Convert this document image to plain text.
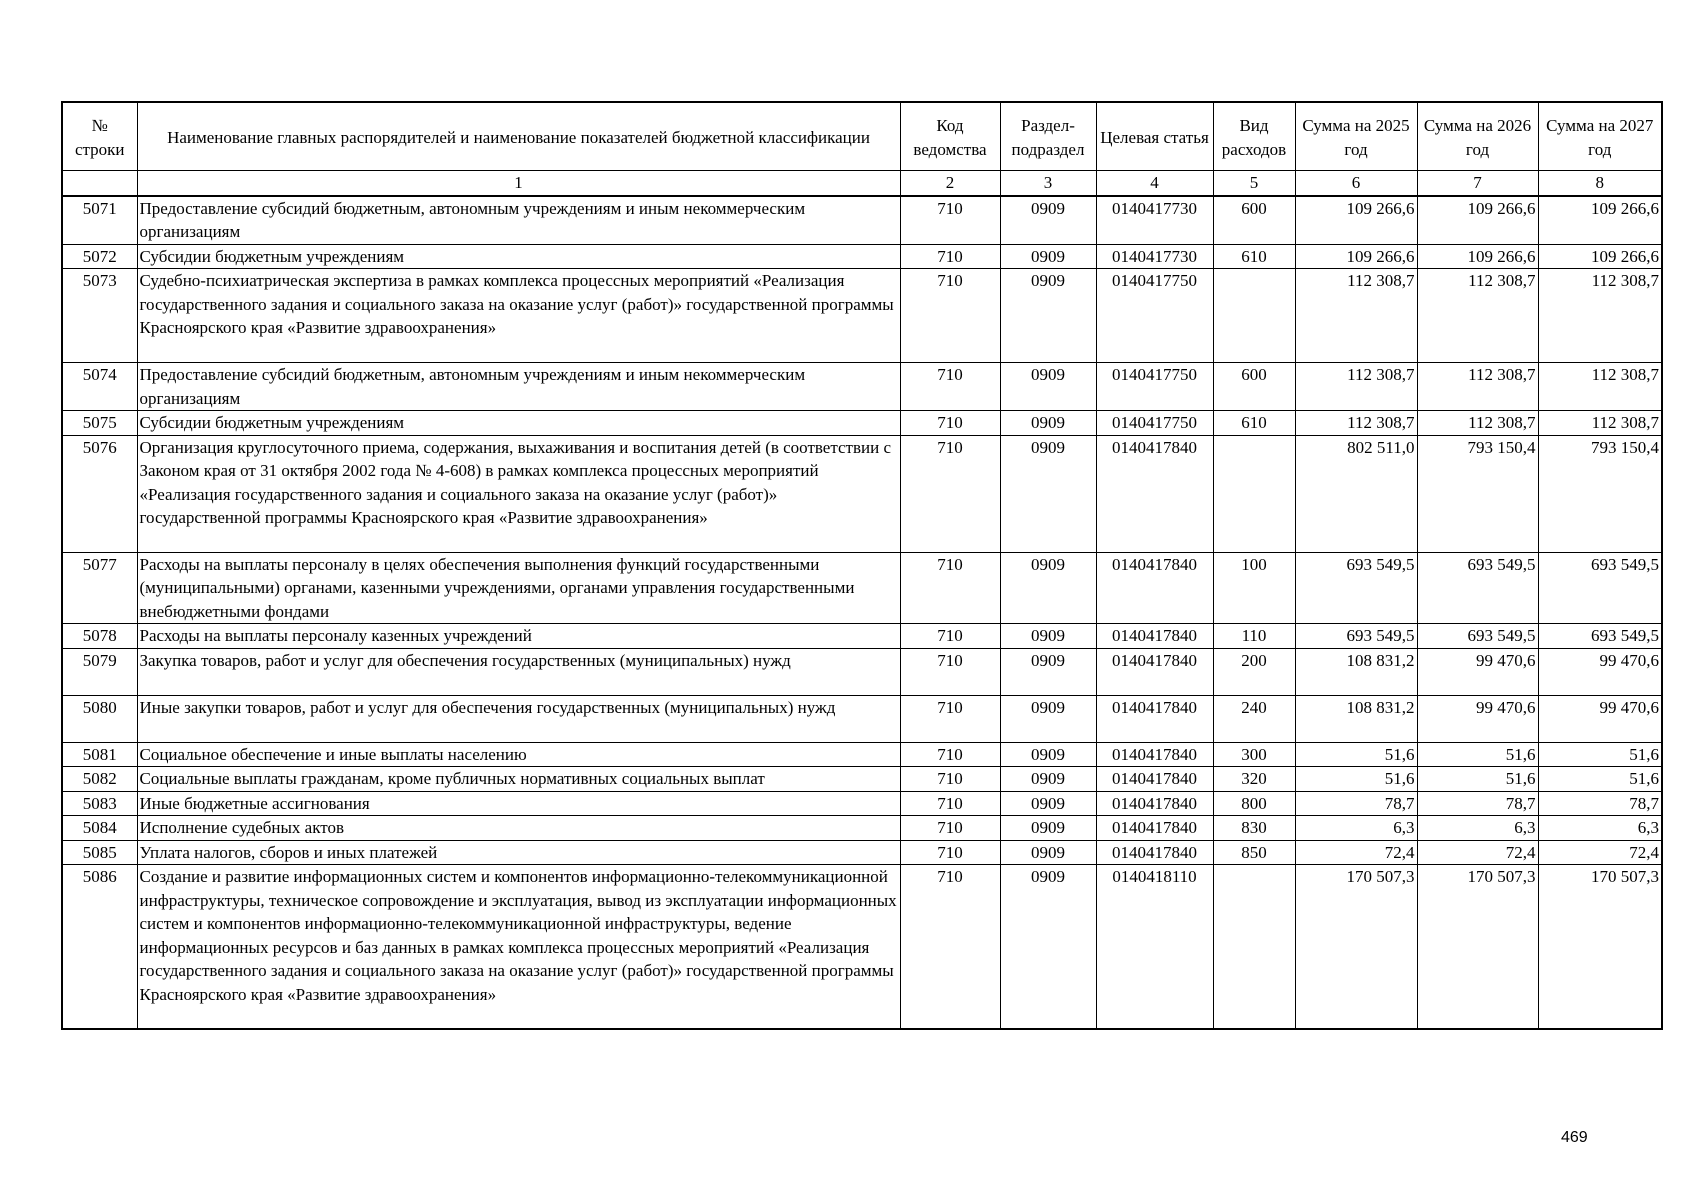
№ строки	Наименование главных распорядителей и наименование показателей бюджетной классификации	Код ведомства	Раздел-подраздел	Целевая статья	Вид расходов	Сумма на 2025 год	Сумма на 2026 год	Сумма на 2027 год
	1	2	3	4	5	6	7	8
5071	Предоставление субсидий бюджетным, автономным учреждениям и иным некоммерческим организациям	710	0909	0140417730	600	109 266,6	109 266,6	109 266,6
5072	Субсидии бюджетным учреждениям	710	0909	0140417730	610	109 266,6	109 266,6	109 266,6
5073	Судебно-психиатрическая экспертиза в рамках комплекса процессных мероприятий «Реализация государственного задания и социального заказа на оказание услуг (работ)» государственной программы Красноярского края «Развитие здравоохранения»	710	0909	0140417750		112 308,7	112 308,7	112 308,7
5074	Предоставление субсидий бюджетным, автономным учреждениям и иным некоммерческим организациям	710	0909	0140417750	600	112 308,7	112 308,7	112 308,7
5075	Субсидии бюджетным учреждениям	710	0909	0140417750	610	112 308,7	112 308,7	112 308,7
5076	Организация круглосуточного приема, содержания, выхаживания и воспитания детей (в соответствии с Законом края от 31 октября 2002 года № 4-608) в рамках комплекса процессных мероприятий «Реализация государственного задания и социального заказа на оказание услуг (работ)» государственной программы Красноярского края «Развитие здравоохранения»	710	0909	0140417840		802 511,0	793 150,4	793 150,4
5077	Расходы на выплаты персоналу в целях обеспечения выполнения функций государственными (муниципальными) органами, казенными учреждениями, органами управления государственными внебюджетными фондами	710	0909	0140417840	100	693 549,5	693 549,5	693 549,5
5078	Расходы на выплаты персоналу казенных учреждений	710	0909	0140417840	110	693 549,5	693 549,5	693 549,5
5079	Закупка товаров, работ и услуг для обеспечения государственных (муниципальных) нужд	710	0909	0140417840	200	108 831,2	99 470,6	99 470,6
5080	Иные закупки товаров, работ и услуг для обеспечения государственных (муниципальных) нужд	710	0909	0140417840	240	108 831,2	99 470,6	99 470,6
5081	Социальное обеспечение и иные выплаты населению	710	0909	0140417840	300	51,6	51,6	51,6
5082	Социальные выплаты гражданам, кроме публичных нормативных социальных выплат	710	0909	0140417840	320	51,6	51,6	51,6
5083	Иные бюджетные ассигнования	710	0909	0140417840	800	78,7	78,7	78,7
5084	Исполнение судебных актов	710	0909	0140417840	830	6,3	6,3	6,3
5085	Уплата налогов, сборов и иных платежей	710	0909	0140417840	850	72,4	72,4	72,4
5086	Создание и развитие информационных систем и компонентов информационно-телекоммуникационной инфраструктуры, техническое сопровождение и эксплуатация, вывод из эксплуатации информационных систем и компонентов информационно-телекоммуникационной инфраструктуры, ведение информационных ресурсов и баз данных в рамках комплекса процессных мероприятий «Реализация государственного задания и социального заказа на оказание услуг (работ)» государственной программы Красноярского края «Развитие здравоохранения»	710	0909	0140418110		170 507,3	170 507,3	170 507,3
469
